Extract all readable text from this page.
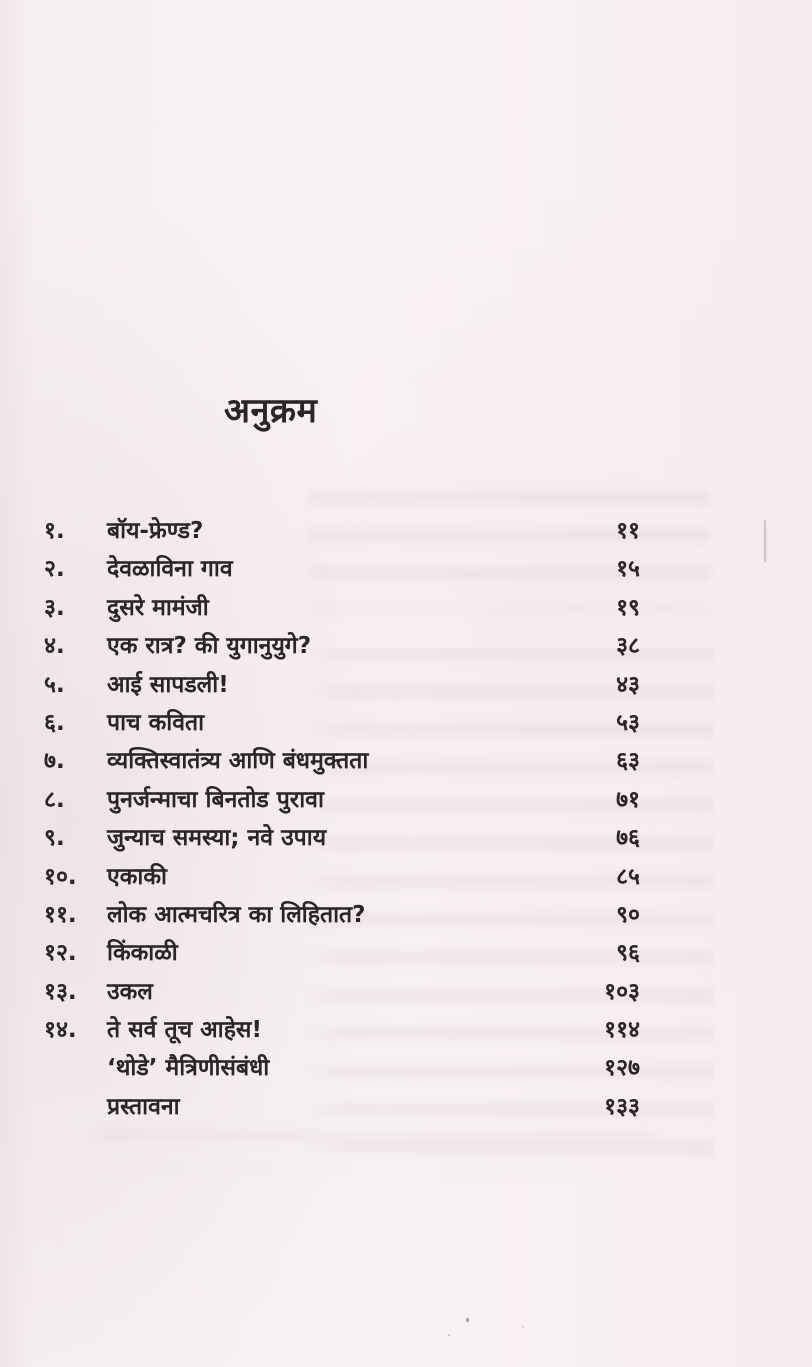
अनुक्रम
१.	बॉय-फ्रेण्ड?	११
२.	देवळाविना गाव	१५
३.	दुसरे मामंजी	१९
४.	एक रात्र? की युगानुयुगे?	३८
५.	आई सापडली!	४३
६.	पाच कविता	५३
७.	व्यक्तिस्वातंत्र्य आणि बंधमुक्तता	६३
८.	पुनर्जन्माचा बिनतोड पुरावा	७१
९.	जुन्याच समस्या; नवे उपाय	७६
१०.	एकाकी	८५
११.	लोक आत्मचरित्र का लिहितात?	९०
१२.	किंकाळी	९६
१३.	उकल	१०३
१४.	ते सर्व तूच आहेस!	११४
‘थोडे’ मैत्रिणीसंबंधी	१२७
प्रस्तावना	१३३
